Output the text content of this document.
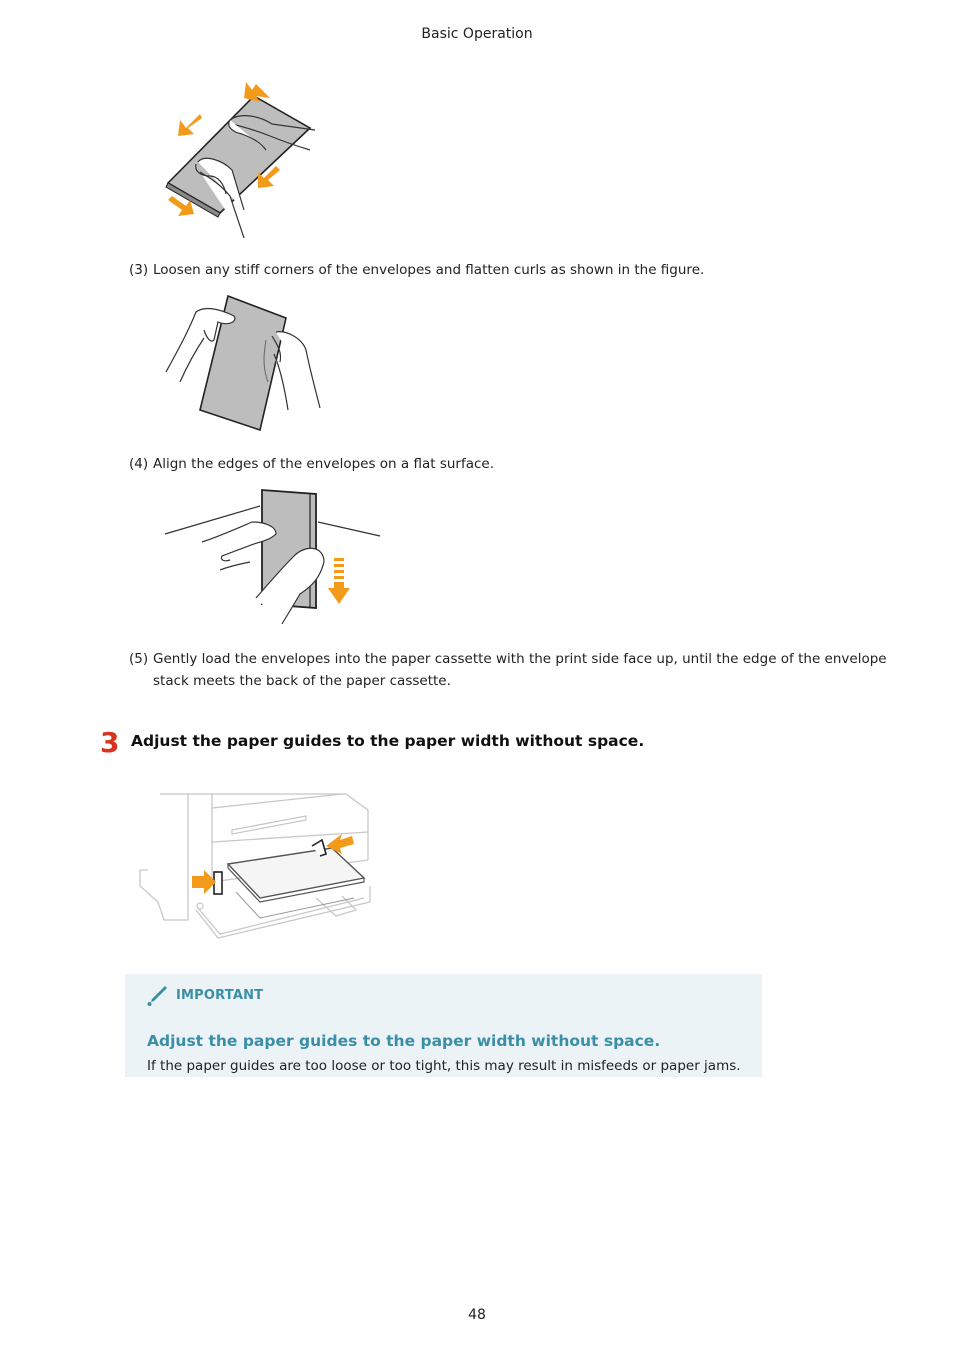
Basic Operation
(3) Loosen any stiff corners of the envelopes and flatten curls as shown in the figure.
(4) Align the edges of the envelopes on a flat surface.
(5) Gently load the envelopes into the paper cassette with the print side face up, until the edge of the envelope stack meets the back of the paper cassette.
3 Adjust the paper guides to the paper width without space.
IMPORTANT
Adjust the paper guides to the paper width without space.
If the paper guides are too loose or too tight, this may result in misfeeds or paper jams.
48
